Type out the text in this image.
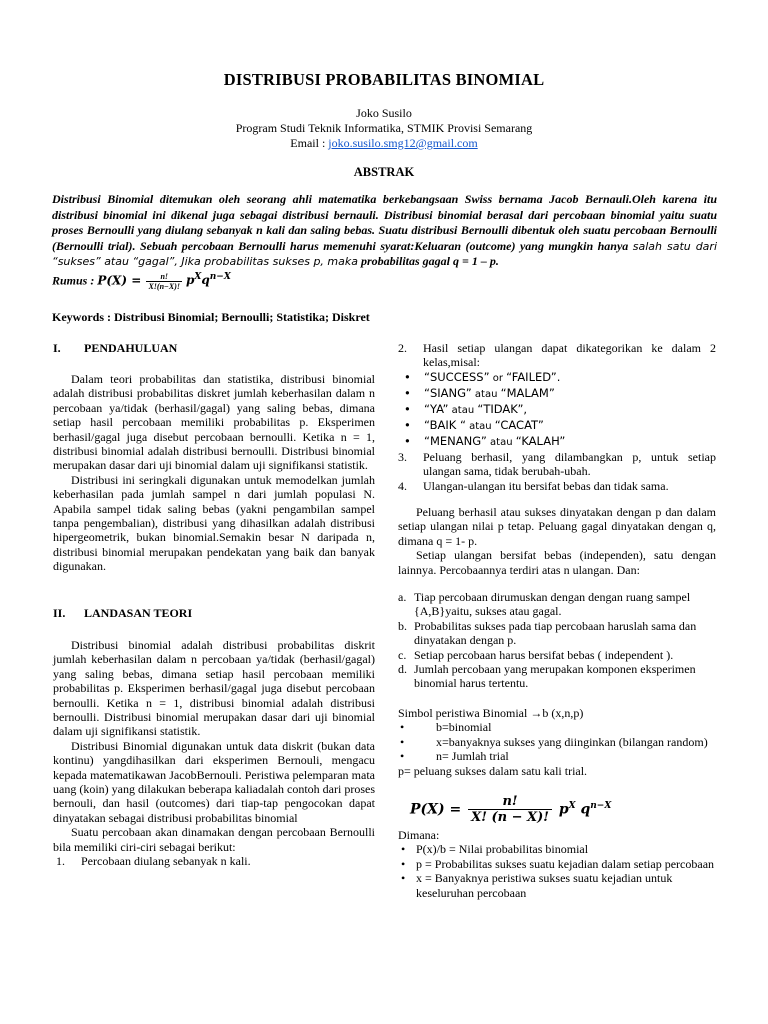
DISTRIBUSI PROBABILITAS BINOMIAL
Joko Susilo
Program Studi Teknik Informatika, STMIK Provisi Semarang
Email : joko.susilo.smg12@gmail.com
ABSTRAK
Distribusi Binomial ditemukan oleh seorang ahli matematika berkebangsaan Swiss bernama Jacob Bernauli.Oleh karena itu distribusi binomial ini dikenal juga sebagai distribusi bernauli. Distribusi binomial berasal dari percobaan binomial yaitu suatu proses Bernoulli yang diulang sebanyak n kali dan saling bebas. Suatu distribusi Bernoulli dibentuk oleh suatu percobaan Bernoulli (Bernoulli trial). Sebuah percobaan Bernoulli harus memenuhi syarat:Keluaran (outcome) yang mungkin hanya salah satu dari “sukses” atau “gagal”, Jika probabilitas sukses p, maka probabilitas gagal q = 1 – p.
Rumus : $P(X) = \frac{n!}{X!(n-X)!} p^Xq^{n-X}$
Keywords : Distribusi Binomial; Bernoulli; Statistika; Diskret
I. PENDAHULUAN

Dalam teori probabilitas dan statistika, distribusi binomial adalah distribusi probabilitas diskret jumlah keberhasilan dalam n percobaan ya/tidak (berhasil/gagal) yang saling bebas, dimana setiap hasil percobaan memiliki probabilitas p. Eksperimen berhasil/gagal juga disebut percobaan bernoulli. Ketika n = 1, distribusi binomial adalah distribusi bernoulli. Distribusi binomial merupakan dasar dari uji binomial dalam uji signifikansi statistik.

Distribusi ini seringkali digunakan untuk memodelkan jumlah keberhasilan pada jumlah sampel n dari jumlah populasi N. Apabila sampel tidak saling bebas (yakni pengambilan sampel tanpa pengembalian), distribusi yang dihasilkan adalah distribusi hipergeometrik, bukan binomial.Semakin besar N daripada n, distribusi binomial merupakan pendekatan yang baik dan banyak digunakan.

II. LANDASAN TEORI

Distribusi binomial adalah distribusi probabilitas diskrit jumlah keberhasilan dalam n percobaan ya/tidak (berhasil/gagal) yang saling bebas, dimana setiap hasil percobaan memiliki probabilitas p. Eksperimen berhasil/gagal juga disebut percobaan bernoulli. Ketika n = 1, distribusi binomial adalah distribusi bernoulli. Distribusi binomial merupakan dasar dari uji binomial dalam uji signifikansi statistik.

Distribusi Binomial digunakan untuk data diskrit (bukan data kontinu) yangdihasilkan dari eksperimen Bernouli, mengacu kepada matematikawan JacobBernouli. Peristiwa pelemparan mata uang (koin) yang dilakukan beberapa kaliadalah contoh dari proses bernouli, dan hasil (outcomes) dari tiap-tap pengocokan dapat dinyatakan sebagai distribusi probabilitas binomial

Suatu percobaan akan dinamakan dengan percobaan Bernoulli bila memiliki ciri-ciri sebagai berikut:

1. Percobaan diulang sebanyak n kali.
2. Hasil setiap ulangan dapat dikategorikan ke dalam 2 kelas,misal:
• “SUCCESS” or “FAILED”.
• “SIANG” atau “MALAM”
• “YA” atau “TIDAK”,
• “BAIK “ atau “CACAT”
• “MENANG” atau “KALAH”
3. Peluang berhasil, yang dilambangkan p, untuk setiap ulangan sama, tidak berubah-ubah.
4. Ulangan-ulangan itu bersifat bebas dan tidak sama.

Peluang berhasil atau sukses dinyatakan dengan p dan dalam setiap ulangan nilai p tetap. Peluang gagal dinyatakan dengan q, dimana q = 1- p.

Setiap ulangan bersifat bebas (independen), satu dengan lainnya. Percobaannya terdiri atas n ulangan. Dan:

a. Tiap percobaan dirumuskan dengan dengan ruang sampel {A,B}yaitu, sukses atau gagal.
b. Probabilitas sukses pada tiap percobaan haruslah sama dan dinyatakan dengan p.
c. Setiap percobaan harus bersifat bebas ( independent ).
d. Jumlah percobaan yang merupakan komponen eksperimen binomial harus tertentu.
Simbol peristiwa Binomial →b (x,n,p)
•	b=binomial
•	x=banyaknya sukses yang diinginkan (bilangan random)
•	n= Jumlah trial
p= peluang sukses dalam satu kali trial.
$P(X) = \frac{n!}{X! (n - X)!} p^X$ $q^{n-X}$
Dimana:
• P(x)/b = Nilai probabilitas binomial
• p = Probabilitas sukses suatu kejadian dalam setiap percobaan
• x = Banyaknya peristiwa sukses suatu kejadian untuk keseluruhan percobaan
